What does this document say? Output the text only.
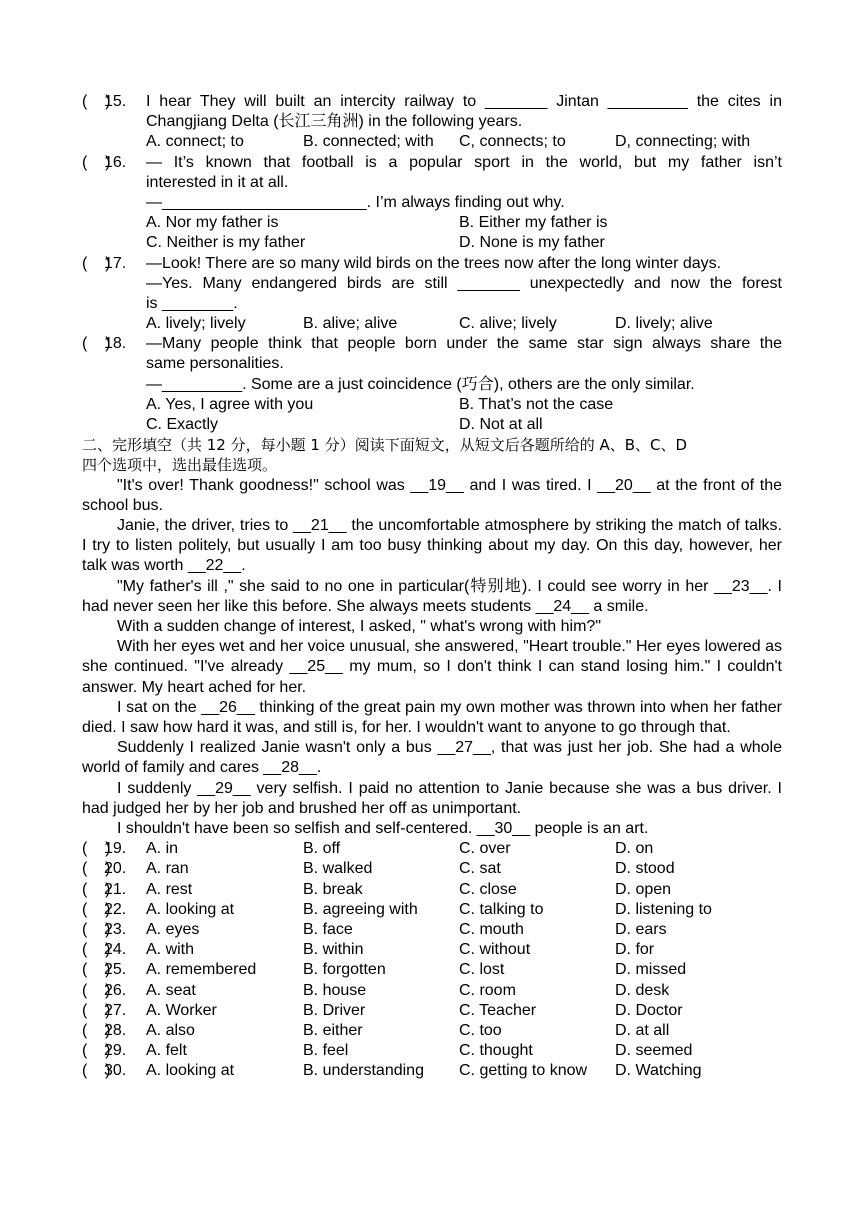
(    )
15. I hear They will built an intercity railway to _______ Jintan _________ the cites in
Changjiang Delta (长江三角洲) in the following years.
A. connect; to	B. connected; with C, connects; to	D, connecting; with
(    )
16. — It’s known that football is a popular sport in the world, but my father isn’t
interested in it at all.
—_______________________. I’m always finding out why.
A. Nor my father is	B. Either my father is
C. Neither is my father	D. None is my father
(    )
17. —Look! There are so many wild birds on the trees now after the long winter days.
—Yes. Many endangered birds are still _______ unexpectedly and now the forest
is ________.
A. lively; lively	B. alive; alive	C. alive; lively	D. lively; alive
(    )
18. —Many people think that people born under the same star sign always share the
same personalities.
—_________. Some are a just coincidence (巧合), others are the only similar.
A. Yes, I agree with you	B. That’s not the case
C. Exactly	D. Not at all
二、完形填空（共 12 分，每小题 1 分）阅读下面短文，从短文后各题所给的 A、B、C、D
四个选项中，选出最佳选项。
"It's over! Thank goodness!" school was __19__ and I was tired. I __20__ at the front of the school bus.
Janie, the driver, tries to __21__ the uncomfortable atmosphere by striking the match of talks. I try to listen politely, but usually I am too busy thinking about my day. On this day, however, her talk was worth __22__.
"My father's ill ," she said to no one in particular(特别地). I could see worry in her __23__. I had never seen her like this before. She always meets students __24__ a smile.
With a sudden change of interest, I asked, " what's wrong with him?"
With her eyes wet and her voice unusual, she answered, "Heart trouble." Her eyes lowered as she continued. "I've already __25__ my mum, so I don't think I can stand losing him." I couldn't answer. My heart ached for her.
I sat on the __26__ thinking of the great pain my own mother was thrown into when her father died. I saw how hard it was, and still is, for her. I wouldn't want to anyone to go through that.
Suddenly I realized Janie wasn't only a bus __27__, that was just her job. She had a whole world of family and cares __28__.
I suddenly __29__ very selfish. I paid no attention to Janie because she was a bus driver. I had judged her by her job and brushed her off as unimportant.
I shouldn't have been so selfish and self-centered. __30__ people is an art.
(    )
19. A. in	B. off	C. over	D. on
(    )
20. A. ran	B. walked	C. sat	D. stood
(    )
21. A. rest	B. break	C. close	D. open
(    )
22. A. looking at	B. agreeing with	C. talking to	D. listening to
(    )
23. A. eyes	B. face	C. mouth	D. ears
(    )
24. A. with	B. within	C. without	D. for
(    )
25. A. remembered	B. forgotten	C. lost	D. missed
(    )
26. A. seat	B. house	C. room	D. desk
(    )
27. A. Worker	B. Driver	C. Teacher	D. Doctor
(    )
28. A. also	B. either	C. too	D. at all
(    )
29. A. felt	B. feel	C. thought	D. seemed
(    )
30. A. looking at	B. understanding C. getting to know D. Watching
